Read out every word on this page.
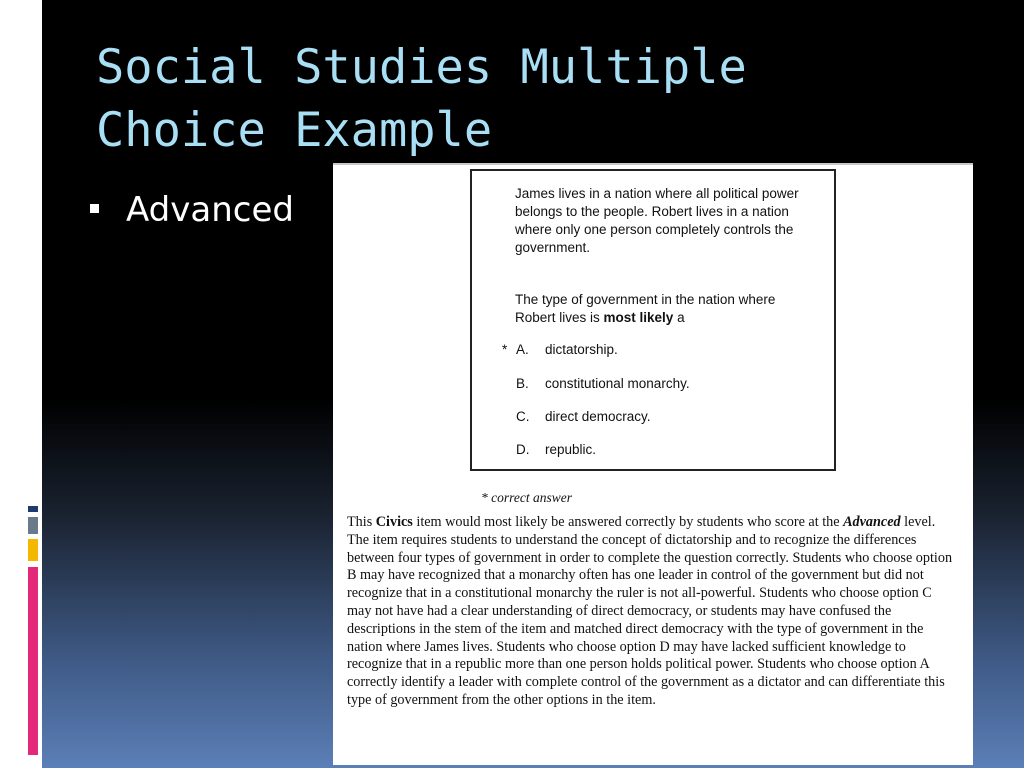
Social Studies Multiple
Choice Example
Advanced	James lives in a nation where all political power belongs to the people. Robert lives in a nation where only one person completely controls the government.
The type of government in the nation where Robert lives is most likely a
* A. dictatorship.
B. constitutional monarchy.
C. direct democracy.
D. republic.
* correct answer
This Civics item would most likely be answered correctly by students who score at the Advanced level. The item requires students to understand the concept of dictatorship and to recognize the differences between four types of government in order to complete the question correctly. Students who choose option B may have recognized that a monarchy often has one leader in control of the government but did not recognize that in a constitutional monarchy the ruler is not all-powerful. Students who choose option C may not have had a clear understanding of direct democracy, or students may have confused the descriptions in the stem of the item and matched direct democracy with the type of government in the nation where James lives. Students who choose option D may have lacked sufficient knowledge to recognize that in a republic more than one person holds political power. Students who choose option A correctly identify a leader with complete control of the government as a dictator and can differentiate this type of government from the other options in the item.
